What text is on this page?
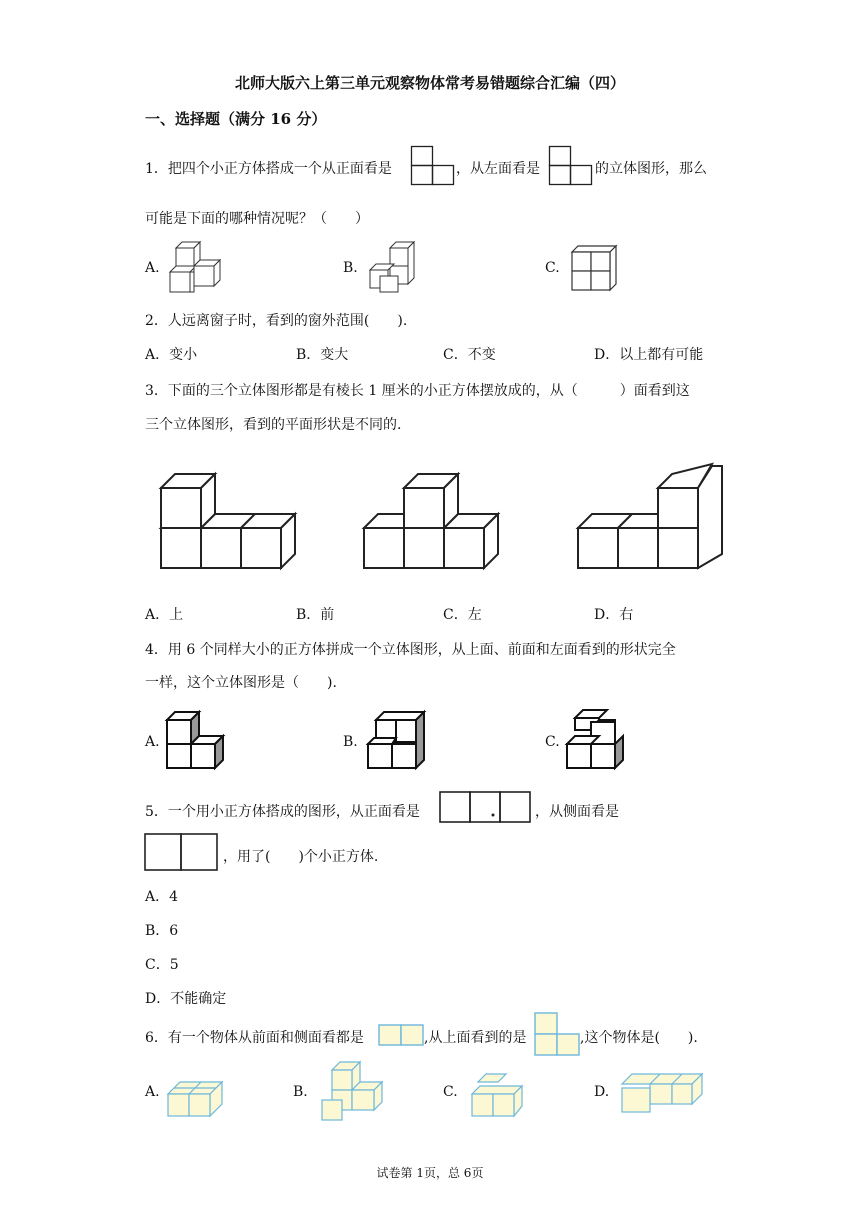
北师大版六上第三单元观察物体常考易错题综合汇编（四）
一、选择题（满分 16 分）
1．把四个小正方体搭成一个从正面看是	，从左面看是	的立体图形，那么
可能是下面的哪种情况呢？（　　）
A.	B.	C.
2．人远离窗子时，看到的窗外范围(　　).
A．变小	B．变大	C．不变	D．以上都有可能
3．下面的三个立体图形都是有棱长 1 厘米的小正方体摆放成的，从（　　　）面看到这
三个立体图形，看到的平面形状是不同的.
A．上	B．前	C．左	D．右
4．用 6 个同样大小的正方体拼成一个立体图形，从上面、前面和左面看到的形状完全
一样，这个立体图形是（　　).
A.	B.	C.
5．一个用小正方体搭成的图形，从正面看是	，从侧面看是
，用了(　　)个小正方体.
A．4
B．6
C．5
D．不能确定
6．有一个物体从前面和侧面看都是	,从上面看到的是	,这个物体是(　　).
A.	B.	C.	D.
试卷第 1页，总 6页
